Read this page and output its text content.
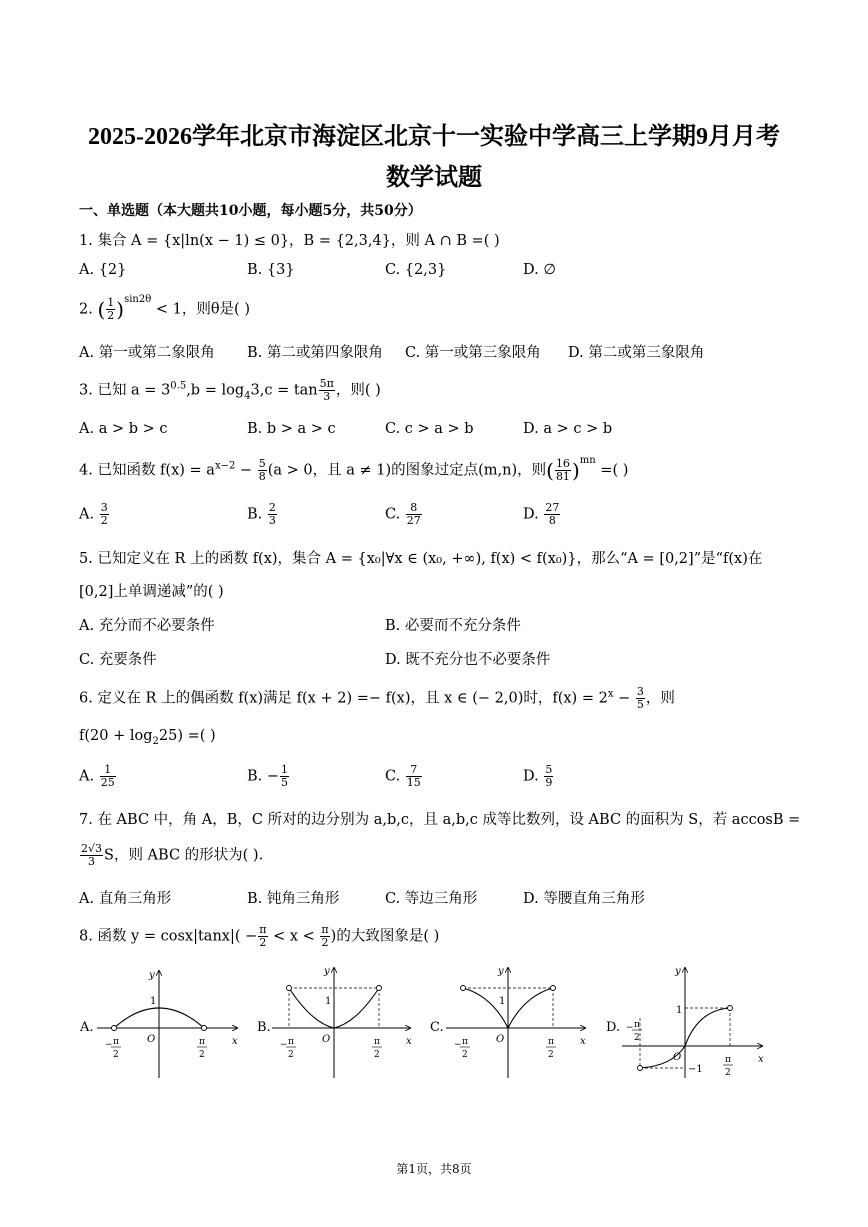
2025-2026学年北京市海淀区北京十一实验中学高三上学期9月月考
数学试题
一、单选题（本大题共10小题，每小题5分，共50分）
1. 集合 A = {x|ln(x − 1) ≤ 0}，B = {2,3,4}，则 A ∩ B =( )
A. {2}	B. {3}	C. {2,3}	D. ∅
2. ( $\frac{1}{2} )^{sin2\theta} < 1$，则θ是( )
A. 第一或第二象限角 B. 第二或第四象限角 C. 第一或第三象限角 D. 第二或第三象限角
3. 已知 $a = 3^{0.5},b = \log_43,c = \tan \frac{5\pi}{3}$ ，则( )
A. a > b > c	B. b > a > c	C. c > a > b	D. a > c > b
4. 已知函数 $f(x) = a^{x-2} - \frac{5}{8} (a > 0$，且 a ≠ 1)的图象过定点(m,n)，则( $\frac{16}{81} )^{mn}$ =( )
A. $\frac{3}{2}$	B. $\frac{2}{3}$	C. $\frac{8}{27}$	D. $\frac{27}{8}$
5. 已知定义在 R 上的函数 f(x)，集合 A = {x₀|∀x ∈ (x₀, +∞), f(x) < f(x₀)}，那么“A = [0,2]”是“f(x)在
[0,2]上单调递减”的( )
A. 充分而不必要条件	B. 必要而不充分条件
C. 充要条件	D. 既不充分也不必要条件
6. 定义在 R 上的偶函数 f(x)满足 f(x + 2) =− f(x)，且 x ∈ (− 2,0)时，$f(x) = 2^x - \frac{3}{5}$ ，则
$f(20 + \log_225)$ =( )
A. $\frac{1}{25}$	B. − $\frac{1}{5}$	C. $\frac{7}{15}$	D. $\frac{5}{9}$
7. 在 ABC 中，角 A，B，C 所对的边分别为 a,b,c，且 a,b,c 成等比数列，设 ABC 的面积为 S，若 accosB =
$\frac{2√3}{3}$ S，则 ABC 的形状为( ).
A. 直角三角形	B. 钝角三角形	C. 等边三角形	D. 等腰直角三角形
8. 函数 $y = \cos x|\tan x|( - \frac{\pi}{2} < x < \frac{\pi}{2}$ )的大致图象是( )
A.
y
x
O
1
− π
2
π
2
B.
y
x
O
1
− π
2
π
2
C.
y
x
O
1
− π
2
π
2
D.
y
x
O
1
−1
− π
2
π
2
第1页，共8页
